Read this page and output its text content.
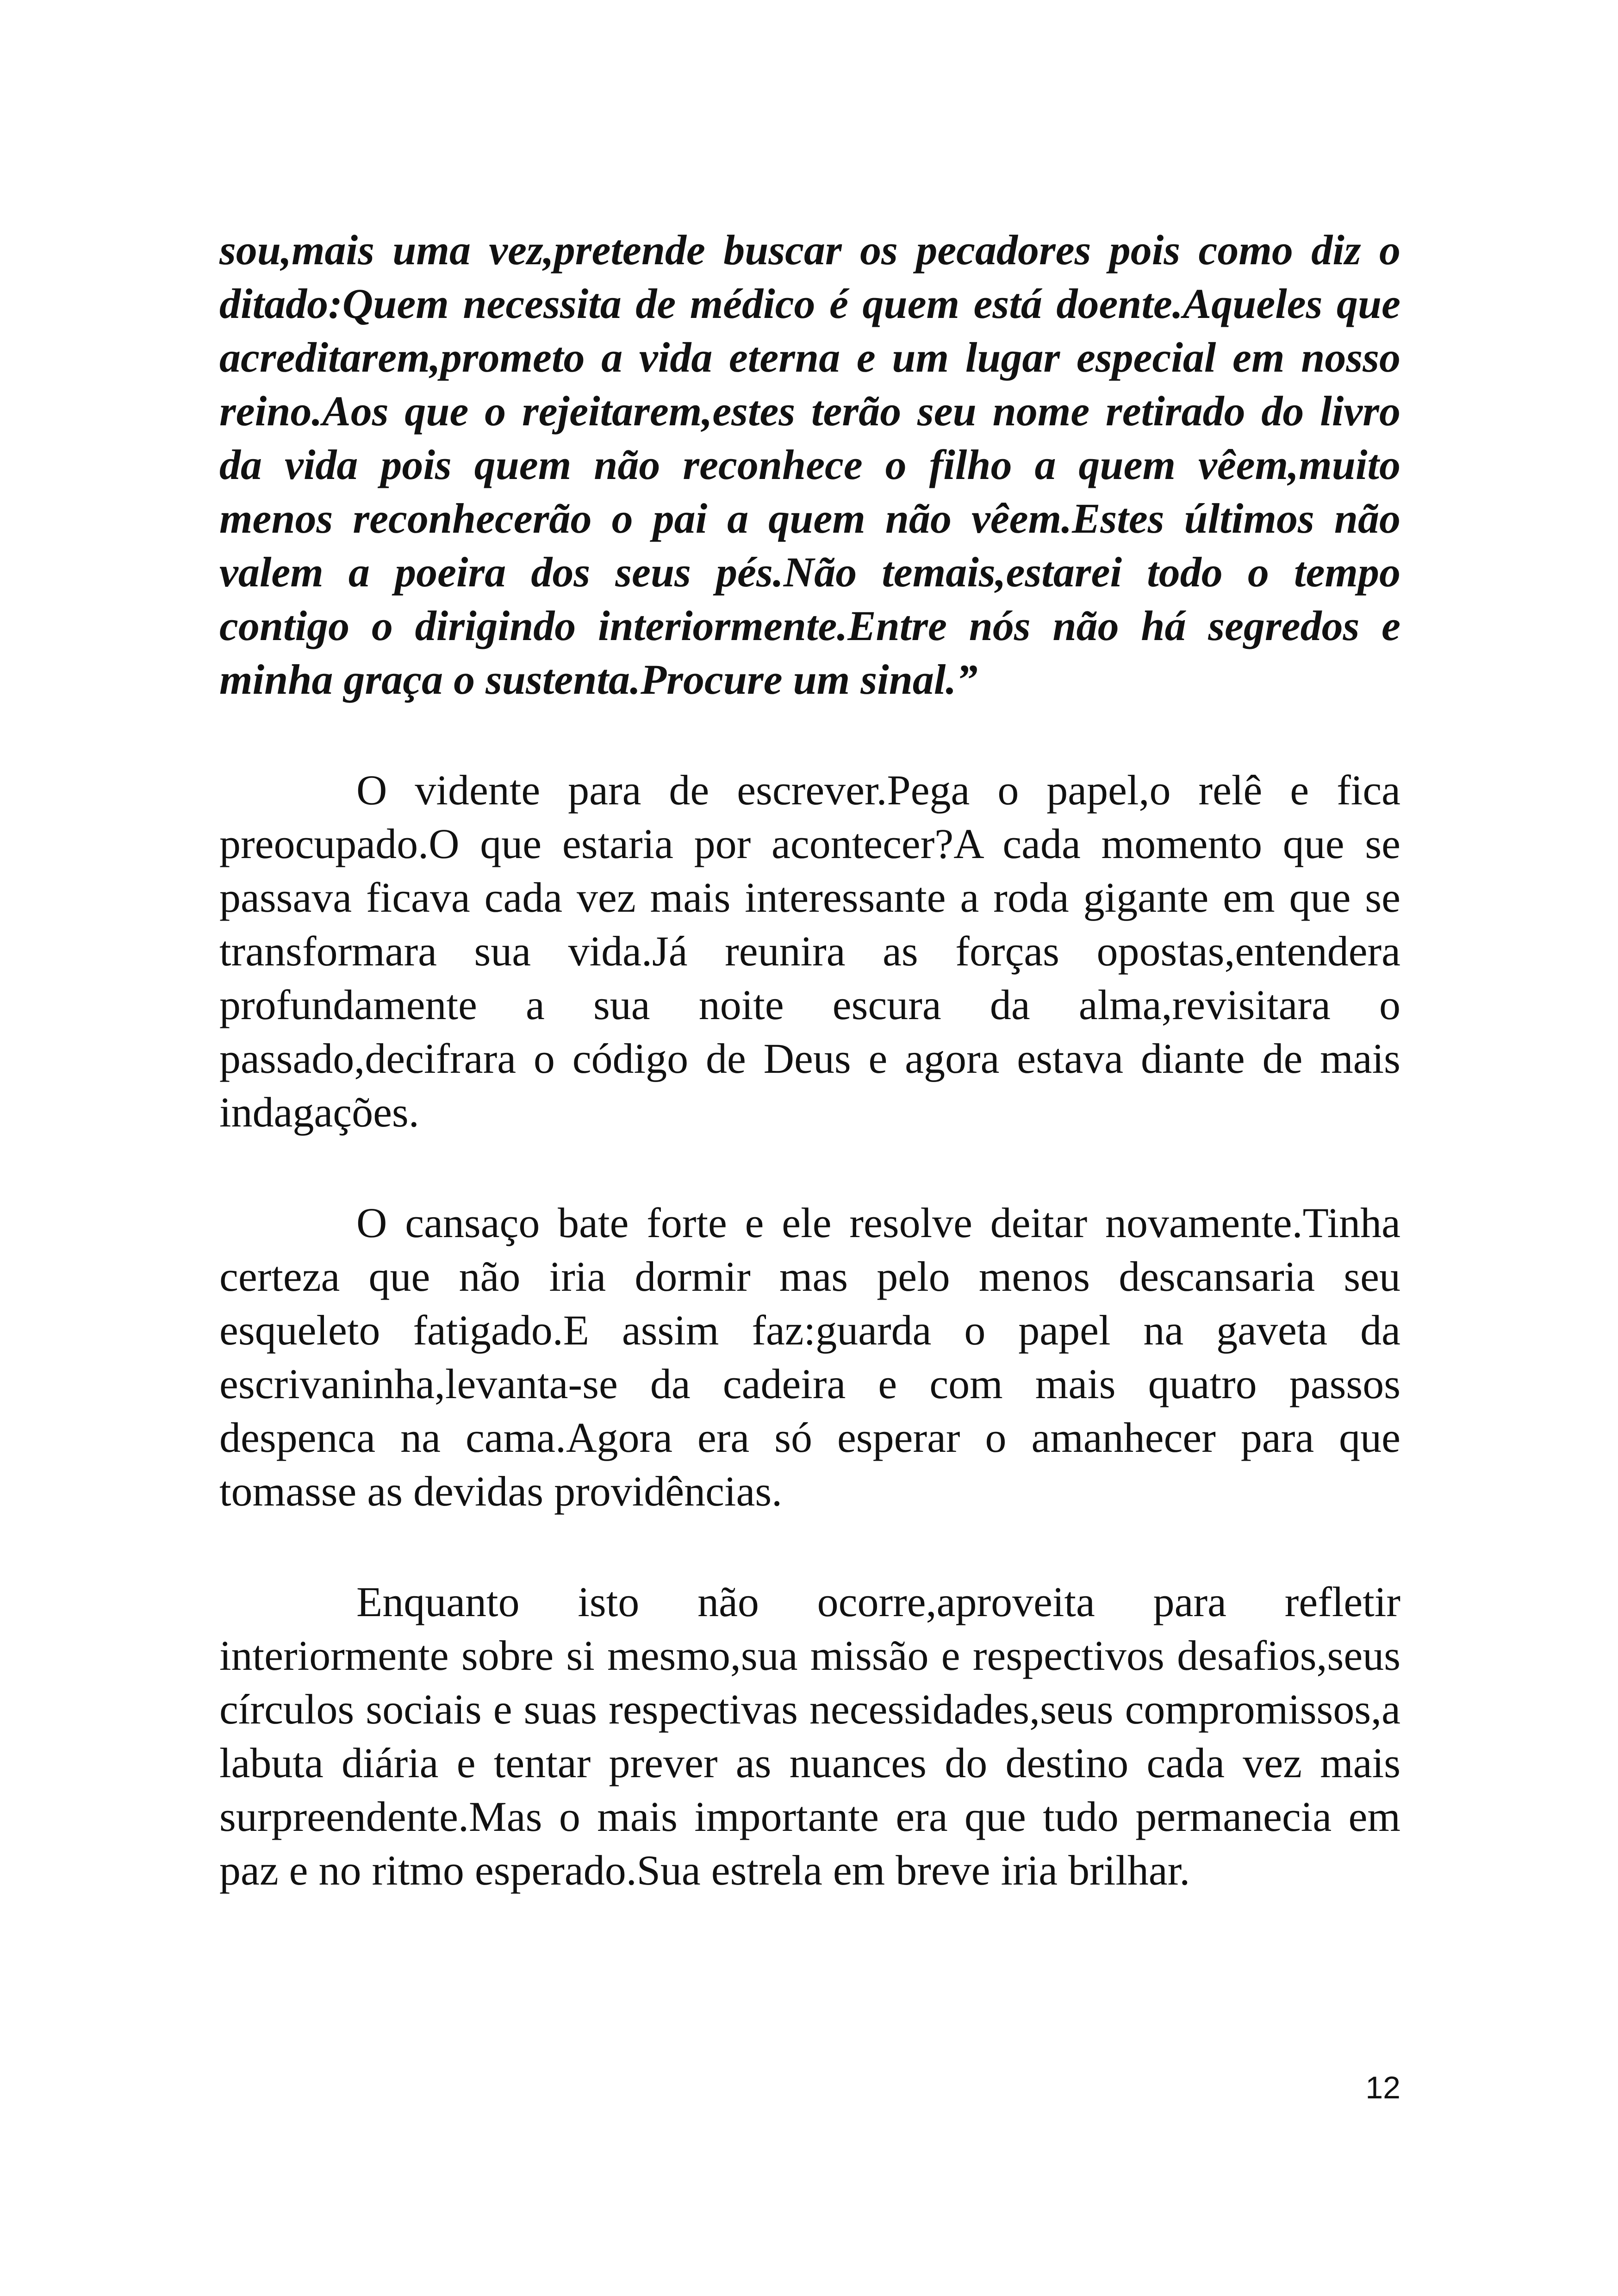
sou,mais uma vez,pretende buscar os pecadores pois como diz o ditado:Quem necessita de médico é quem está doente.Aqueles que acreditarem,prometo a vida eterna e um lugar especial em nosso reino.Aos que o rejeitarem,estes terão seu nome retirado do livro da vida pois quem não reconhece o filho a quem vêem,muito menos reconhecerão o pai a quem não vêem.Estes últimos não valem a poeira dos seus pés.Não temais,estarei todo o tempo contigo o dirigindo interiormente.Entre nós não há segredos e minha graça o sustenta.Procure um sinal.”

O vidente para de escrever.Pega o papel,o relê e fica preocupado.O que estaria por acontecer?A cada momento que se passava ficava cada vez mais interessante a roda gigante em que se transformara sua vida.Já reunira as forças opostas,entendera profundamente a sua noite escura da alma,revisitara o passado,decifrara o código de Deus e agora estava diante de mais indagações.

O cansaço bate forte e ele resolve deitar novamente.Tinha certeza que não iria dormir mas pelo menos descansaria seu esqueleto fatigado.E assim faz:guarda o papel na gaveta da escrivaninha,levanta-se da cadeira e com mais quatro passos despenca na cama.Agora era só esperar o amanhecer para que tomasse as devidas providências.

Enquanto isto não ocorre,aproveita para refletir interiormente sobre si mesmo,sua missão e respectivos desafios,seus círculos sociais e suas respectivas necessidades,seus compromissos,a labuta diária e tentar prever as nuances do destino cada vez mais surpreendente.Mas o mais importante era que tudo permanecia em paz e no ritmo esperado.Sua estrela em breve iria brilhar.

12
